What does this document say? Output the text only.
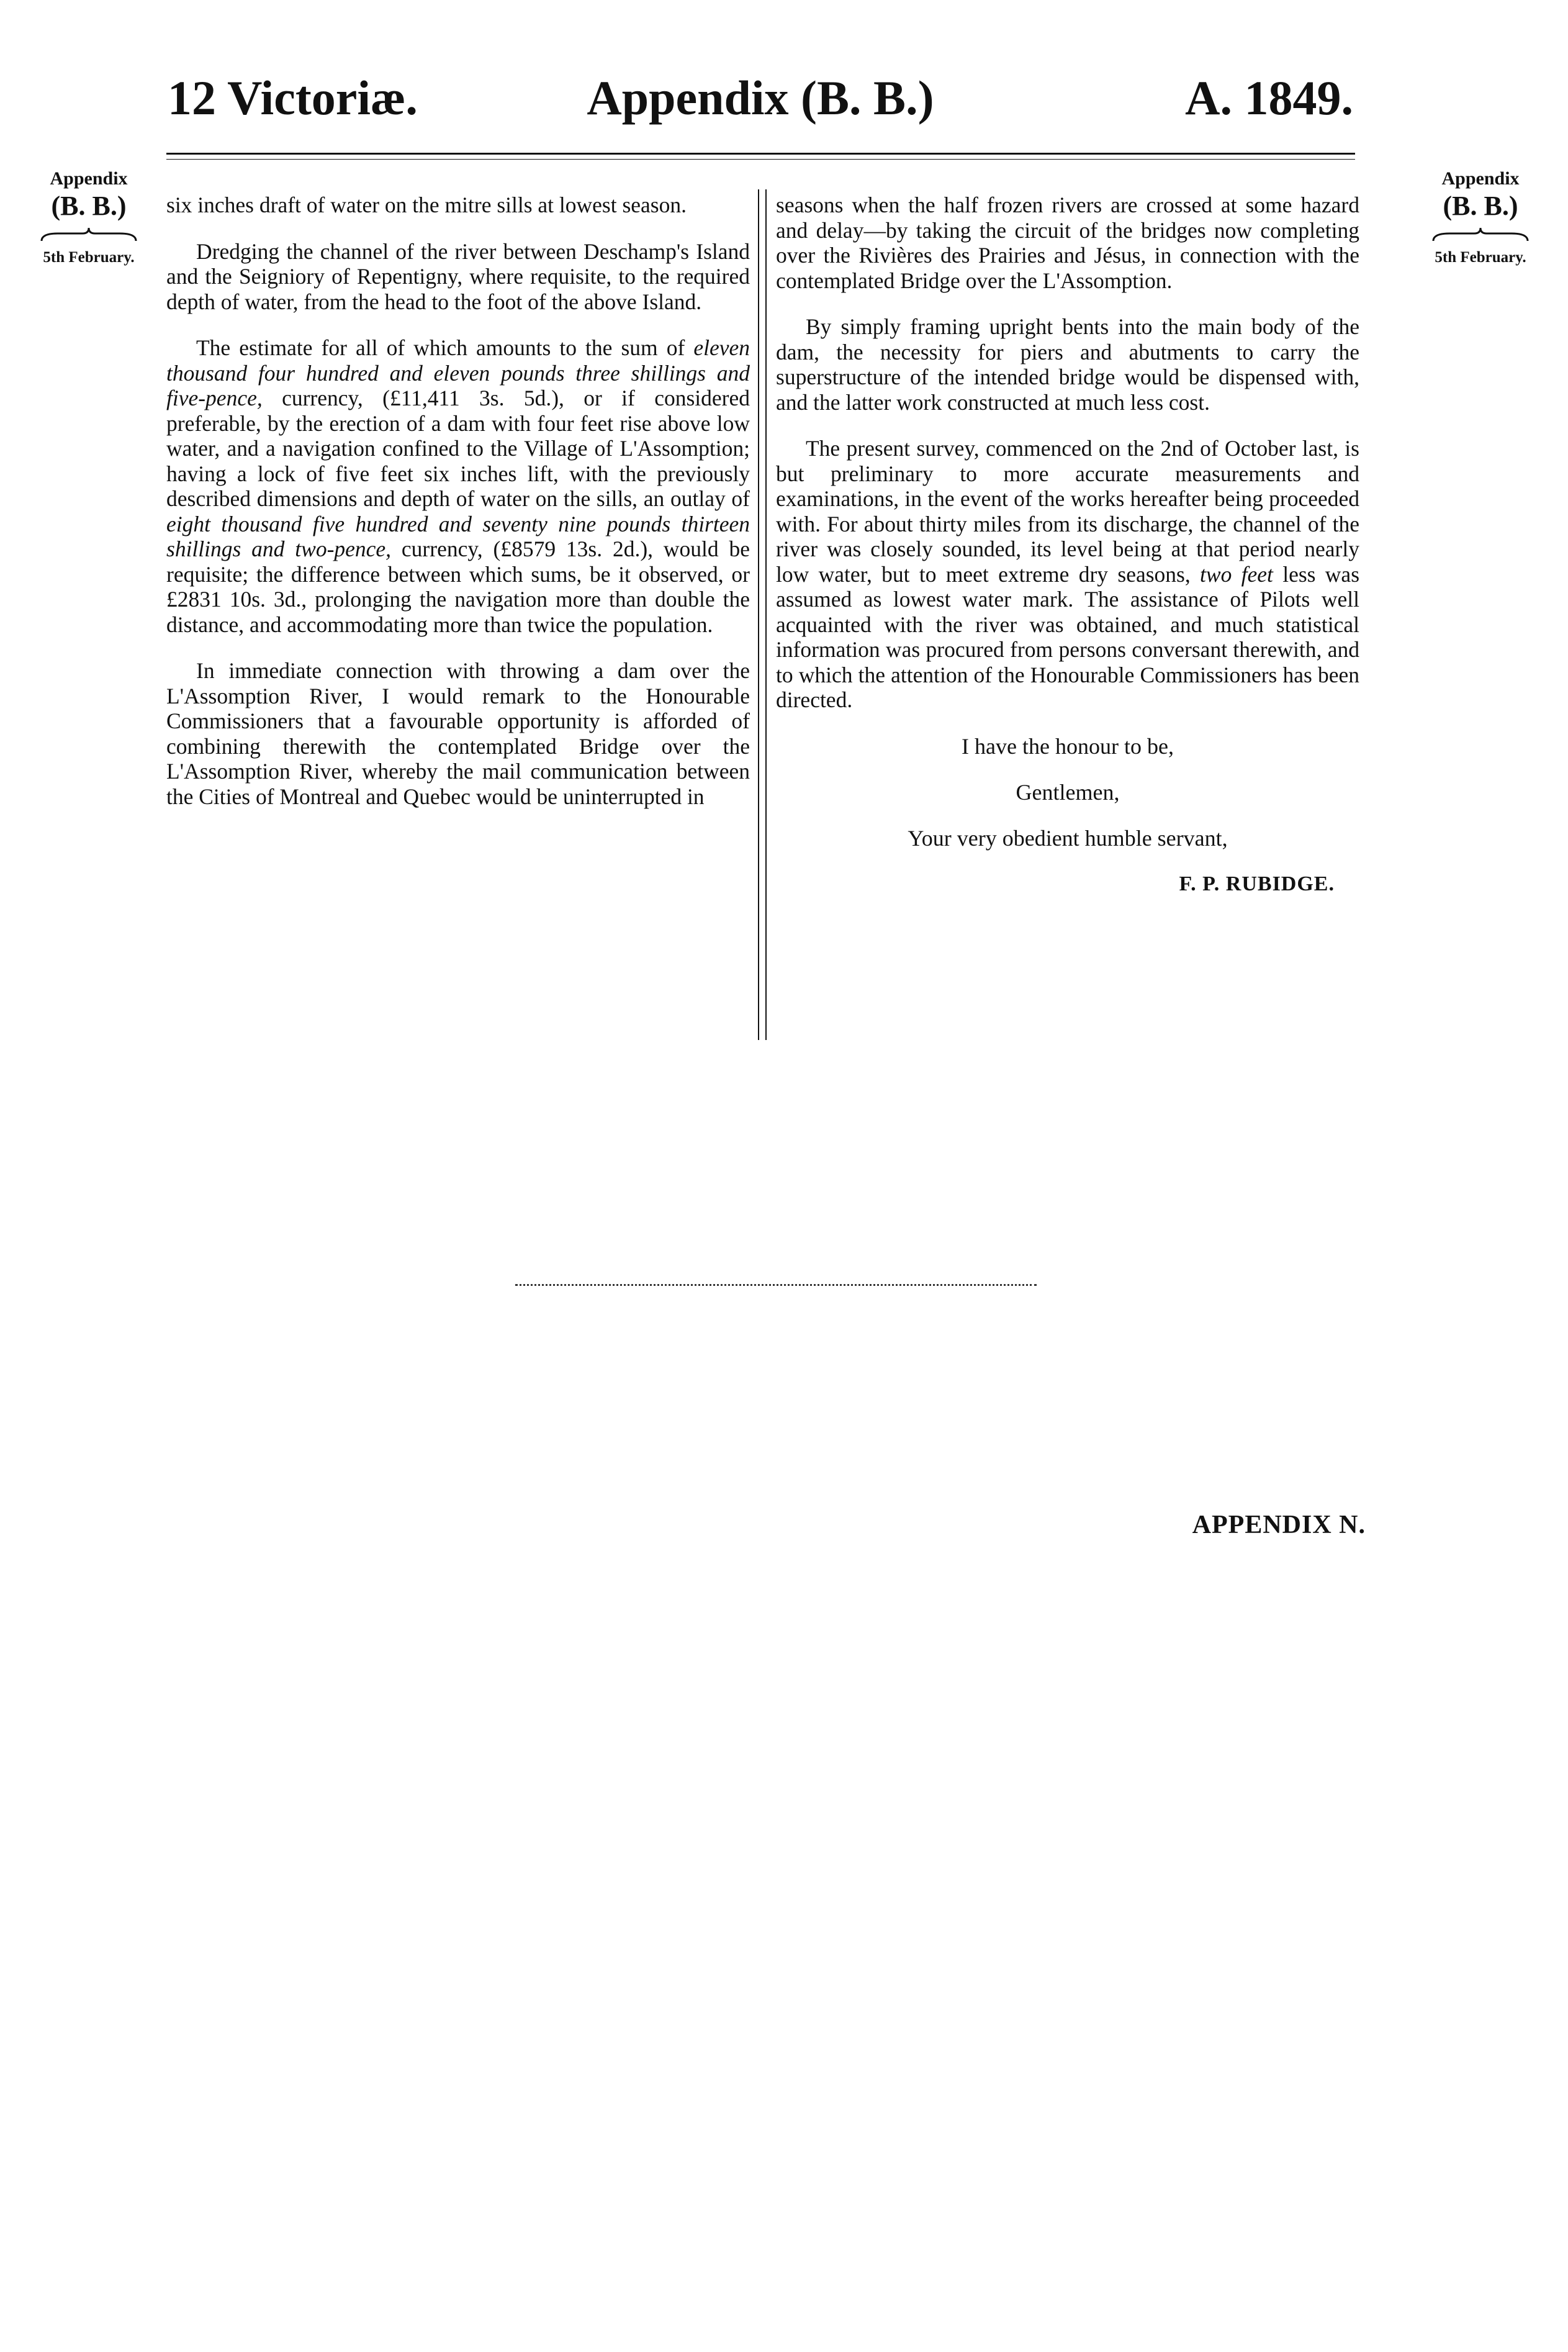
Appendix (B. B.)
12 Victoriæ.	A. 1849.
Appendix
(B. B.)
5th February.
Appendix
(B. B.)
5th February.

six inches draft of water on the mitre sills at lowest season.

Dredging the channel of the river between Deschamp's Island and the Seigniory of Repentigny, where requisite, to the required depth of water, from the head to the foot of the above Island.

The estimate for all of which amounts to the sum of eleven thousand four hundred and eleven pounds three shillings and five-pence, currency, (£11,411 3s. 5d.), or if considered preferable, by the erection of a dam with four feet rise above low water, and a navigation confined to the Village of L'Assomption; having a lock of five feet six inches lift, with the previously described dimensions and depth of water on the sills, an outlay of eight thousand five hundred and seventy nine pounds thirteen shillings and two-pence, currency, (£8579 13s. 2d.), would be requisite; the difference between which sums, be it observed, or £2831 10s. 3d., prolonging the navigation more than double the distance, and accommodating more than twice the population.

In immediate connection with throwing a dam over the L'Assomption River, I would remark to the Honourable Commissioners that a favourable opportunity is afforded of combining therewith the contemplated Bridge over the L'Assomption River, whereby the mail communication between the Cities of Montreal and Quebec would be uninterrupted in

seasons when the half frozen rivers are crossed at some hazard and delay—by taking the circuit of the bridges now completing over the Rivières des Prairies and Jésus, in connection with the contemplated Bridge over the L'Assomption.

By simply framing upright bents into the main body of the dam, the necessity for piers and abutments to carry the superstructure of the intended bridge would be dispensed with, and the latter work constructed at much less cost.

The present survey, commenced on the 2nd of October last, is but preliminary to more accurate measurements and examinations, in the event of the works hereafter being proceeded with. For about thirty miles from its discharge, the channel of the river was closely sounded, its level being at that period nearly low water, but to meet extreme dry seasons, two feet less was assumed as lowest water mark. The assistance of Pilots well acquainted with the river was obtained, and much statistical information was procured from persons conversant therewith, and to which the attention of the Honourable Commissioners has been directed.

I have the honour to be,
Gentlemen,
Your very obedient humble servant,
F. P. RUBIDGE.
APPENDIX N.
